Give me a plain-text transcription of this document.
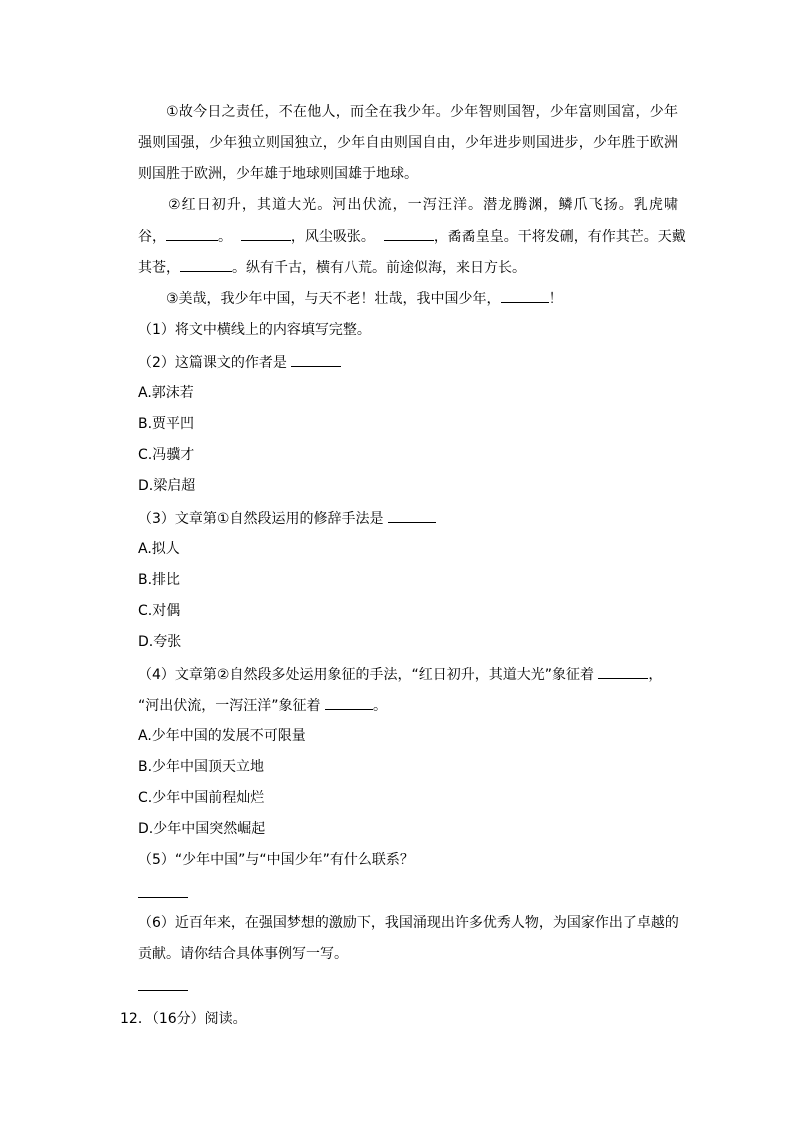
①故今日之责任，不在他人，而全在我少年。少年智则国智，少年富则国富，少年
强则国强，少年独立则国独立，少年自由则国自由，少年进步则国进步，少年胜于欧洲
则国胜于欧洲，少年雄于地球则国雄于地球。
②红日初升，其道大光。河出伏流，一泻汪洋。潜龙腾渊，鳞爪飞扬。乳虎啸
谷，	。	，风尘吸张。	，矞矞皇皇。干将发硎，有作其芒。天戴
其苍，	。纵有千古，横有八荒。前途似海，来日方长。
③美哉，我少年中国，与天不老！壮哉，我中国少年，	！
（1）将文中横线上的内容填写完整。
（2）这篇课文的作者是
A.郭沫若
B.贾平凹
C.冯骥才
D.梁启超
（3）文章第①自然段运用的修辞手法是
A.拟人
B.排比
C.对偶
D.夸张
（4）文章第②自然段多处运用象征的手法，“红日初升，其道大光”象征着	，
“河出伏流，一泻汪洋”象征着	。
A.少年中国的发展不可限量
B.少年中国顶天立地
C.少年中国前程灿烂
D.少年中国突然崛起
（5）“少年中国”与“中国少年”有什么联系？
（6）近百年来，在强国梦想的激励下，我国涌现出许多优秀人物，为国家作出了卓越的
贡献。请你结合具体事例写一写。
12．（16分）阅读。
